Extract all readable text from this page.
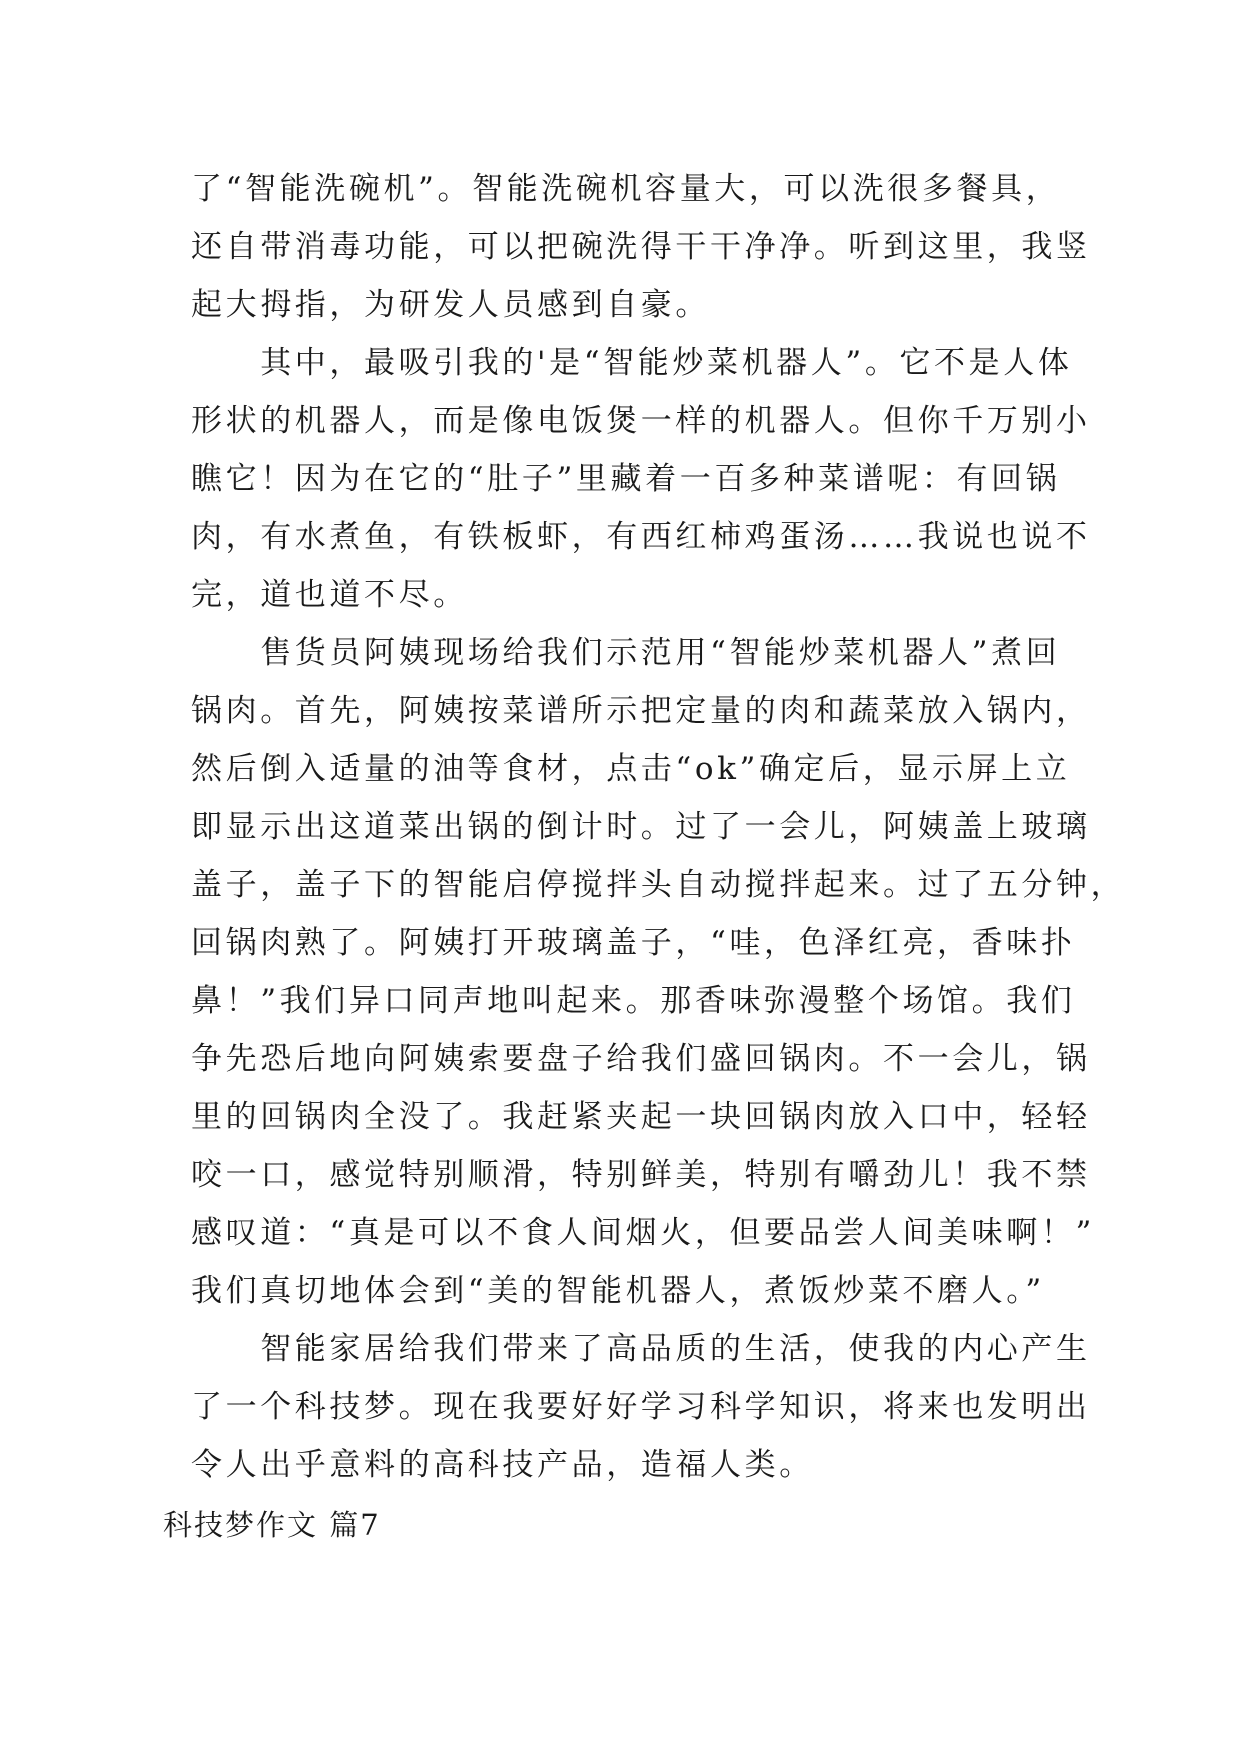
了“智能洗碗机”。智能洗碗机容量大，可以洗很多餐具，
还自带消毒功能，可以把碗洗得干干净净。听到这里，我竖
起大拇指，为研发人员感到自豪。
　　其中，最吸引我的'是“智能炒菜机器人”。它不是人体
形状的机器人，而是像电饭煲一样的机器人。但你千万别小
瞧它！因为在它的“肚子”里藏着一百多种菜谱呢：有回锅
肉，有水煮鱼，有铁板虾，有西红柿鸡蛋汤……我说也说不
完，道也道不尽。
　　售货员阿姨现场给我们示范用“智能炒菜机器人”煮回
锅肉。首先，阿姨按菜谱所示把定量的肉和蔬菜放入锅内，
然后倒入适量的油等食材，点击“ok”确定后，显示屏上立
即显示出这道菜出锅的倒计时。过了一会儿，阿姨盖上玻璃
盖子，盖子下的智能启停搅拌头自动搅拌起来。过了五分钟，
回锅肉熟了。阿姨打开玻璃盖子，“哇，色泽红亮，香味扑
鼻！”我们异口同声地叫起来。那香味弥漫整个场馆。我们
争先恐后地向阿姨索要盘子给我们盛回锅肉。不一会儿，锅
里的回锅肉全没了。我赶紧夹起一块回锅肉放入口中，轻轻
咬一口，感觉特别顺滑，特别鲜美，特别有嚼劲儿！我不禁
感叹道：“真是可以不食人间烟火，但要品尝人间美味啊！”
我们真切地体会到“美的智能机器人，煮饭炒菜不磨人。”
　　智能家居给我们带来了高品质的生活，使我的内心产生
了一个科技梦。现在我要好好学习科学知识，将来也发明出
令人出乎意料的高科技产品，造福人类。
科技梦作文 篇7
